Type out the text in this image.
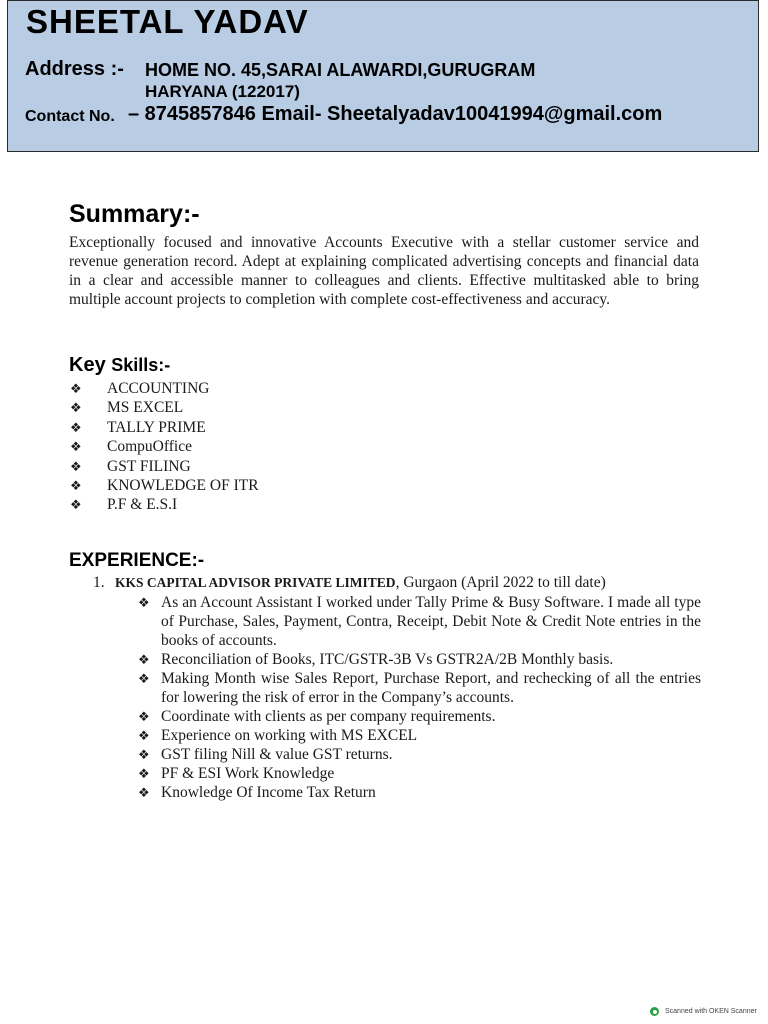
SHEETAL YADAV
Address :- HOME NO. 45,SARAI ALAWARDI,GURUGRAM
HARYANA (122017)
Contact No. – 8745857846 Email- Sheetalyadav10041994@gmail.com
Summary:-
Exceptionally focused and innovative Accounts Executive with a stellar customer service and revenue generation record. Adept at explaining complicated advertising concepts and financial data in a clear and accessible manner to colleagues and clients. Effective multitasked able to bring multiple account projects to completion with complete cost-effectiveness and accuracy.
Key Skills:-
❖ ACCOUNTING
❖ MS EXCEL
❖ TALLY PRIME
❖ CompuOffice
❖ GST FILING
❖ KNOWLEDGE OF ITR
❖ P.F & E.S.I
EXPERIENCE:-
1. KKS CAPITAL ADVISOR PRIVATE LIMITED, Gurgaon (April 2022 to till date)
❖ As an Account Assistant I worked under Tally Prime & Busy Software. I made all type of Purchase, Sales, Payment, Contra, Receipt, Debit Note & Credit Note entries in the books of accounts.
❖ Reconciliation of Books, ITC/GSTR-3B Vs GSTR2A/2B Monthly basis.
❖ Making Month wise Sales Report, Purchase Report, and rechecking of all the entries for lowering the risk of error in the Company’s accounts.
❖ Coordinate with clients as per company requirements.
❖ Experience on working with MS EXCEL
❖ GST filing Nill & value GST returns.
❖ PF & ESI Work Knowledge
❖ Knowledge Of Income Tax Return
Scanned with OKEN Scanner
